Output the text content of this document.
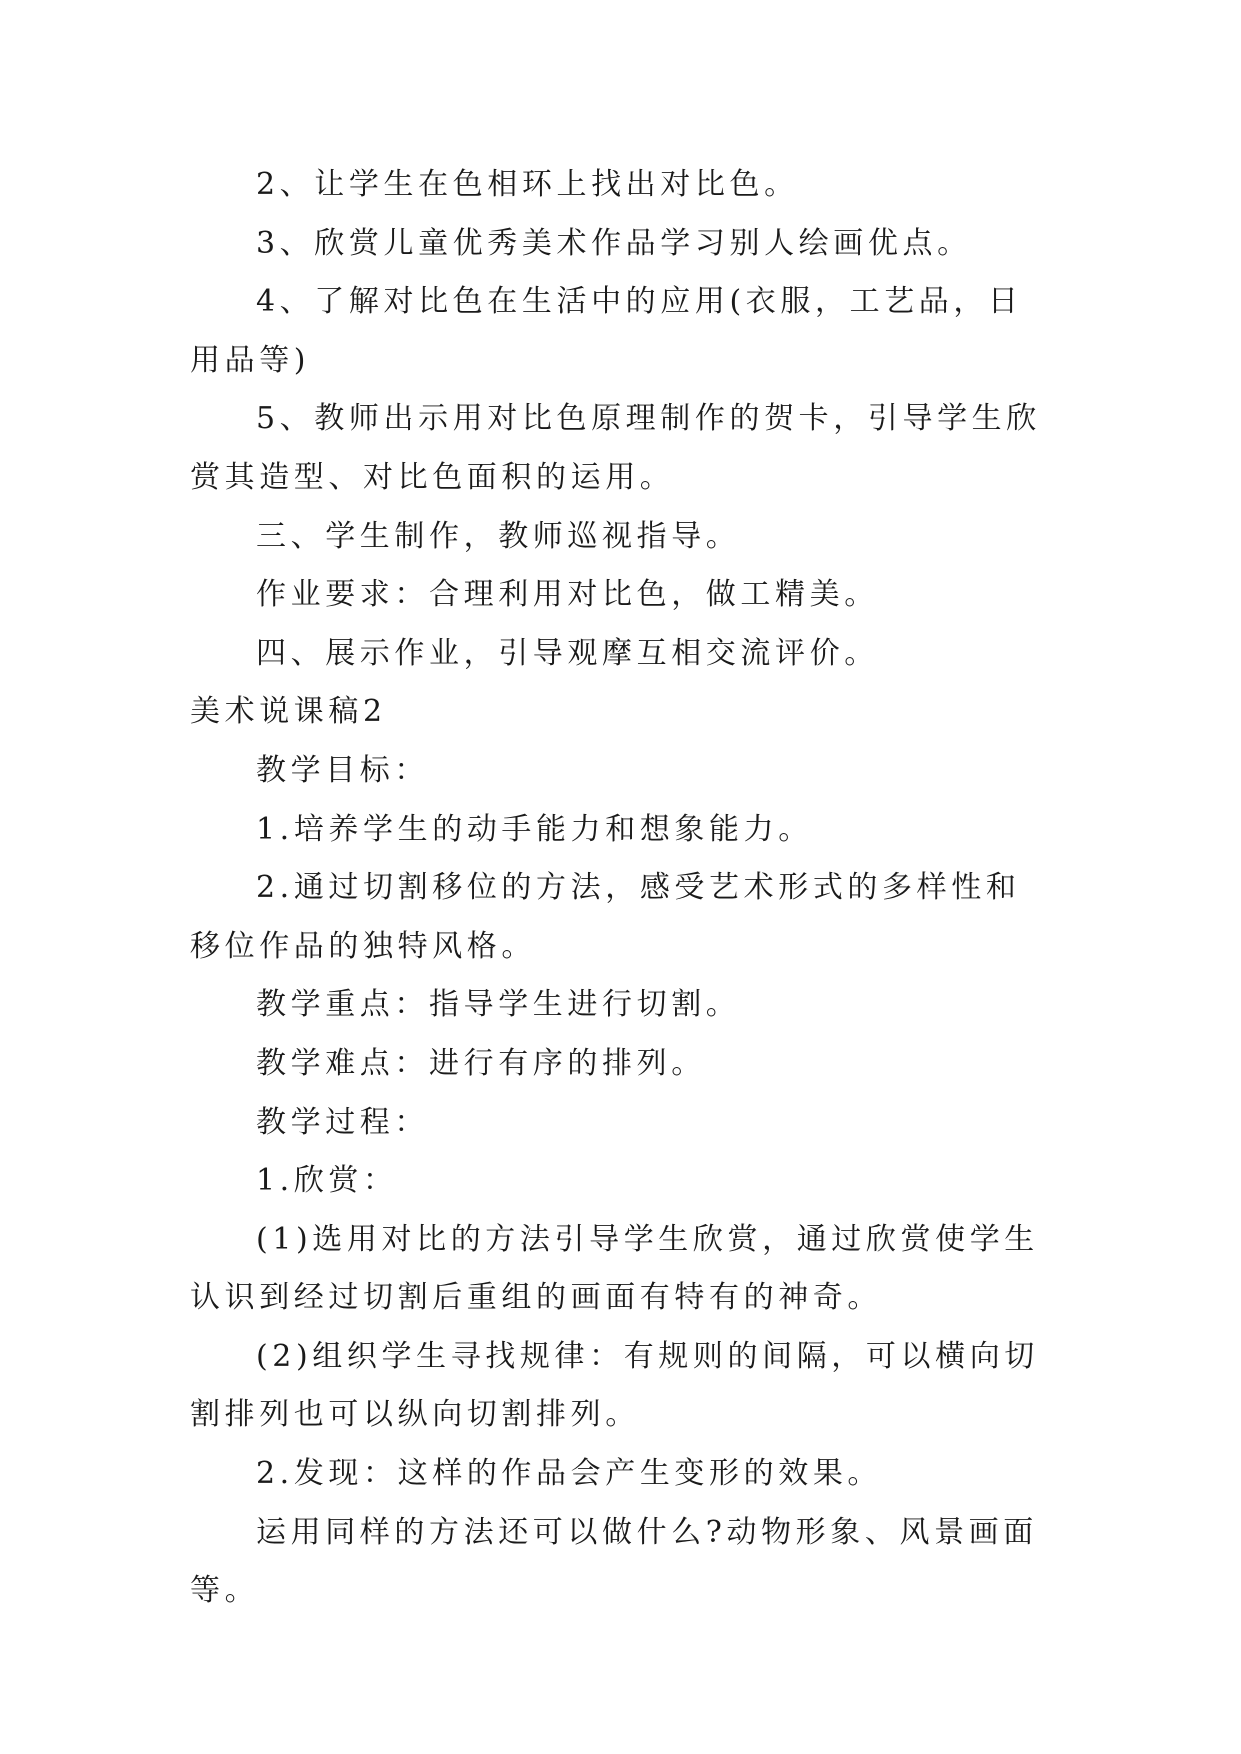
2、让学生在色相环上找出对比色。

3、欣赏儿童优秀美术作品学习别人绘画优点。

4、了解对比色在生活中的应用(衣服，工艺品，日用品等)

5、教师出示用对比色原理制作的贺卡，引导学生欣赏其造型、对比色面积的运用。

三、学生制作，教师巡视指导。

作业要求：合理利用对比色，做工精美。

四、展示作业，引导观摩互相交流评价。

美术说课稿2

教学目标：

1.培养学生的动手能力和想象能力。

2.通过切割移位的方法，感受艺术形式的多样性和移位作品的独特风格。

教学重点：指导学生进行切割。

教学难点：进行有序的排列。

教学过程：

1.欣赏：

(1)选用对比的方法引导学生欣赏，通过欣赏使学生认识到经过切割后重组的画面有特有的神奇。

(2)组织学生寻找规律：有规则的间隔，可以横向切割排列也可以纵向切割排列。

2.发现：这样的作品会产生变形的效果。

运用同样的方法还可以做什么?动物形象、风景画面等。
